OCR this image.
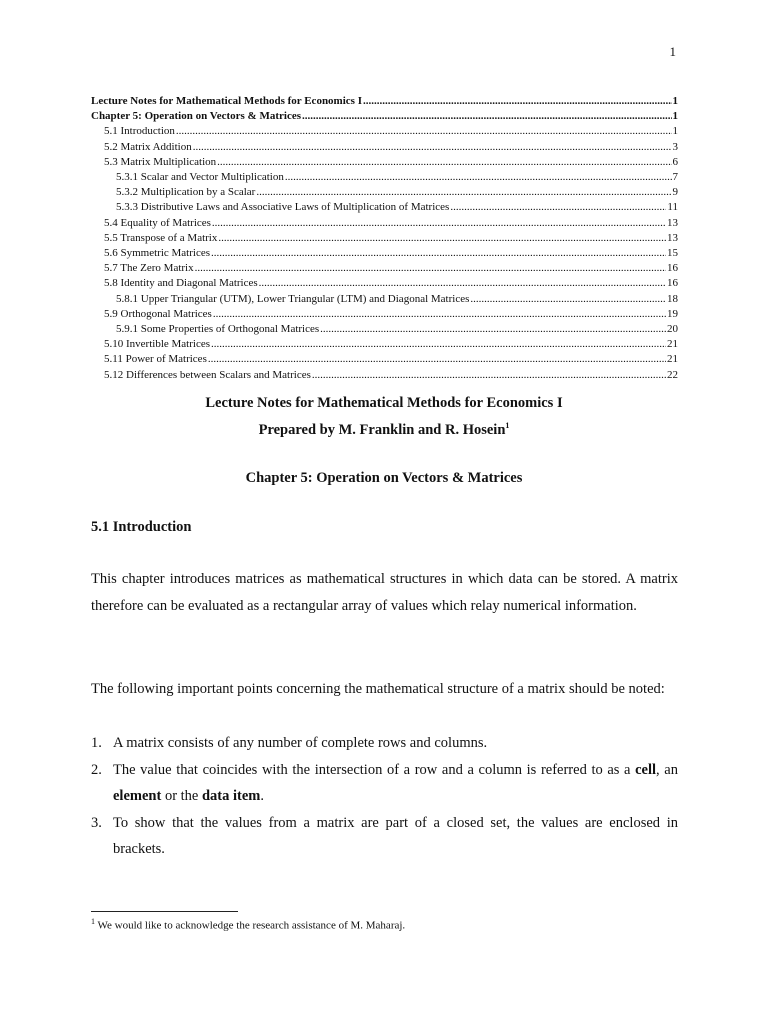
1
Lecture Notes for Mathematical Methods for Economics I .....	1
Chapter 5: Operation on Vectors & Matrices .....	1
5.1 Introduction .....	1
5.2 Matrix Addition .....	3
5.3 Matrix Multiplication .....	6
5.3.1 Scalar and Vector Multiplication .....	7
5.3.2 Multiplication by a Scalar .....	9
5.3.3 Distributive Laws and Associative Laws of Multiplication of Matrices .....	11
5.4 Equality of Matrices .....	13
5.5 Transpose of a Matrix .....	13
5.6 Symmetric Matrices .....	15
5.7 The Zero Matrix .....	16
5.8 Identity and Diagonal Matrices .....	16
5.8.1 Upper Triangular (UTM), Lower Triangular (LTM) and Diagonal Matrices .....	18
5.9 Orthogonal Matrices .....	19
5.9.1 Some Properties of Orthogonal Matrices .....	20
5.10 Invertible Matrices .....	21
5.11 Power of Matrices .....	21
5.12 Differences between Scalars and Matrices .....	22
Lecture Notes for Mathematical Methods for Economics I
Prepared by M. Franklin and R. Hosein$^1$
Chapter 5: Operation on Vectors & Matrices
5.1 Introduction

This chapter introduces matrices as mathematical structures in which data can be stored. A matrix therefore can be evaluated as a rectangular array of values which relay numerical information.

The following important points concerning the mathematical structure of a matrix should be noted:

1. A matrix consists of any number of complete rows and columns.
2. The value that coincides with the intersection of a row and a column is referred to as a cell, an element or the data item.
3. To show that the values from a matrix are part of a closed set, the values are enclosed in brackets.
$^1$ We would like to acknowledge the research assistance of M. Maharaj.
